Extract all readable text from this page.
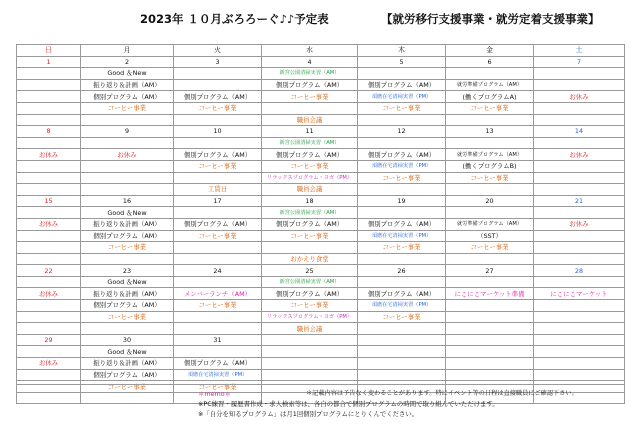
2023年 １０月ぶろろーぐ♪♪予定表	【就労移行支援事業・就労定着支援事業】
日	月	火	水	木	金	土
1	2	3	4	5	6	7
	Good ＆New		新宮公園清掃実習（AM）			
	振り返り＆計画（AM）		個別プログラム（AM）	個別プログラム（AM）	就労準備プログラム（AM）	
	個別プログラム（AM）	個別プログラム（AM）	コーヒー事業	須磨在宅清掃実習（PM）	(働くプログラムA)	お休み
	コーヒー事業	コーヒー事業		コーヒー事業	コーヒー事業	
			職員会議			
8	9	10	11	12	13	14
			新宮公園清掃実習（AM）			
お休み	お休み	個別プログラム（AM）	個別プログラム（AM）	個別プログラム（AM）	就労準備プログラム（AM）	お休み
		コーヒー事業	コーヒー事業	須磨在宅清掃実習（PM）	(働くプログラムB)	
			リラックスプログラム・ヨガ（PM）	コーヒー事業	コーヒー事業	
		工賃日	職員会議			
15	16	17	18	19	20	21
	Good ＆New		新宮公園清掃実習（AM）			
お休み	振り返り＆計画（AM）	個別プログラム（AM）	個別プログラム（AM）	個別プログラム（AM）	就労準備プログラム（AM）	お休み
	個別プログラム（AM）	コーヒー事業	コーヒー事業	須磨在宅清掃実習（PM）	（SST）	
	コーヒー事業			コーヒー事業	コーヒー事業	
			おかえり食堂			
22	23	24	25	26	27	28
	Good ＆New		新宮公園清掃実習（AM）			
お休み	振り返り＆計画（AM）	メンバーランチ（AM）	個別プログラム（AM）	個別プログラム（AM）	にこにこマーケット準備	にこにこマーケット
	個別プログラム（AM）	コーヒー事業	コーヒー事業	須磨在宅清掃実習（PM）		
	コーヒー事業		リラックスプログラム・ヨガ（PM）	コーヒー事業		
			職員会議			
29	30	31				
	Good ＆New					
お休み	振り返り＆計画（AM）	個別プログラム（AM）				
	個別プログラム（AM）	須磨在宅清掃実習（PM）				
	コーヒー事業	コーヒー事業				

＊memo＊	＊記載内容は予告なく変わることがあります。特にイベント等の日程は直接職員にご確認下さい。
※PC練習・履歴書作成・求人検索等は、各自の都合で個別プログラムの時間で取り組んでいただけます。
※「自分を知るプログラム」は月1回個別プログラムにとりくんでください。
